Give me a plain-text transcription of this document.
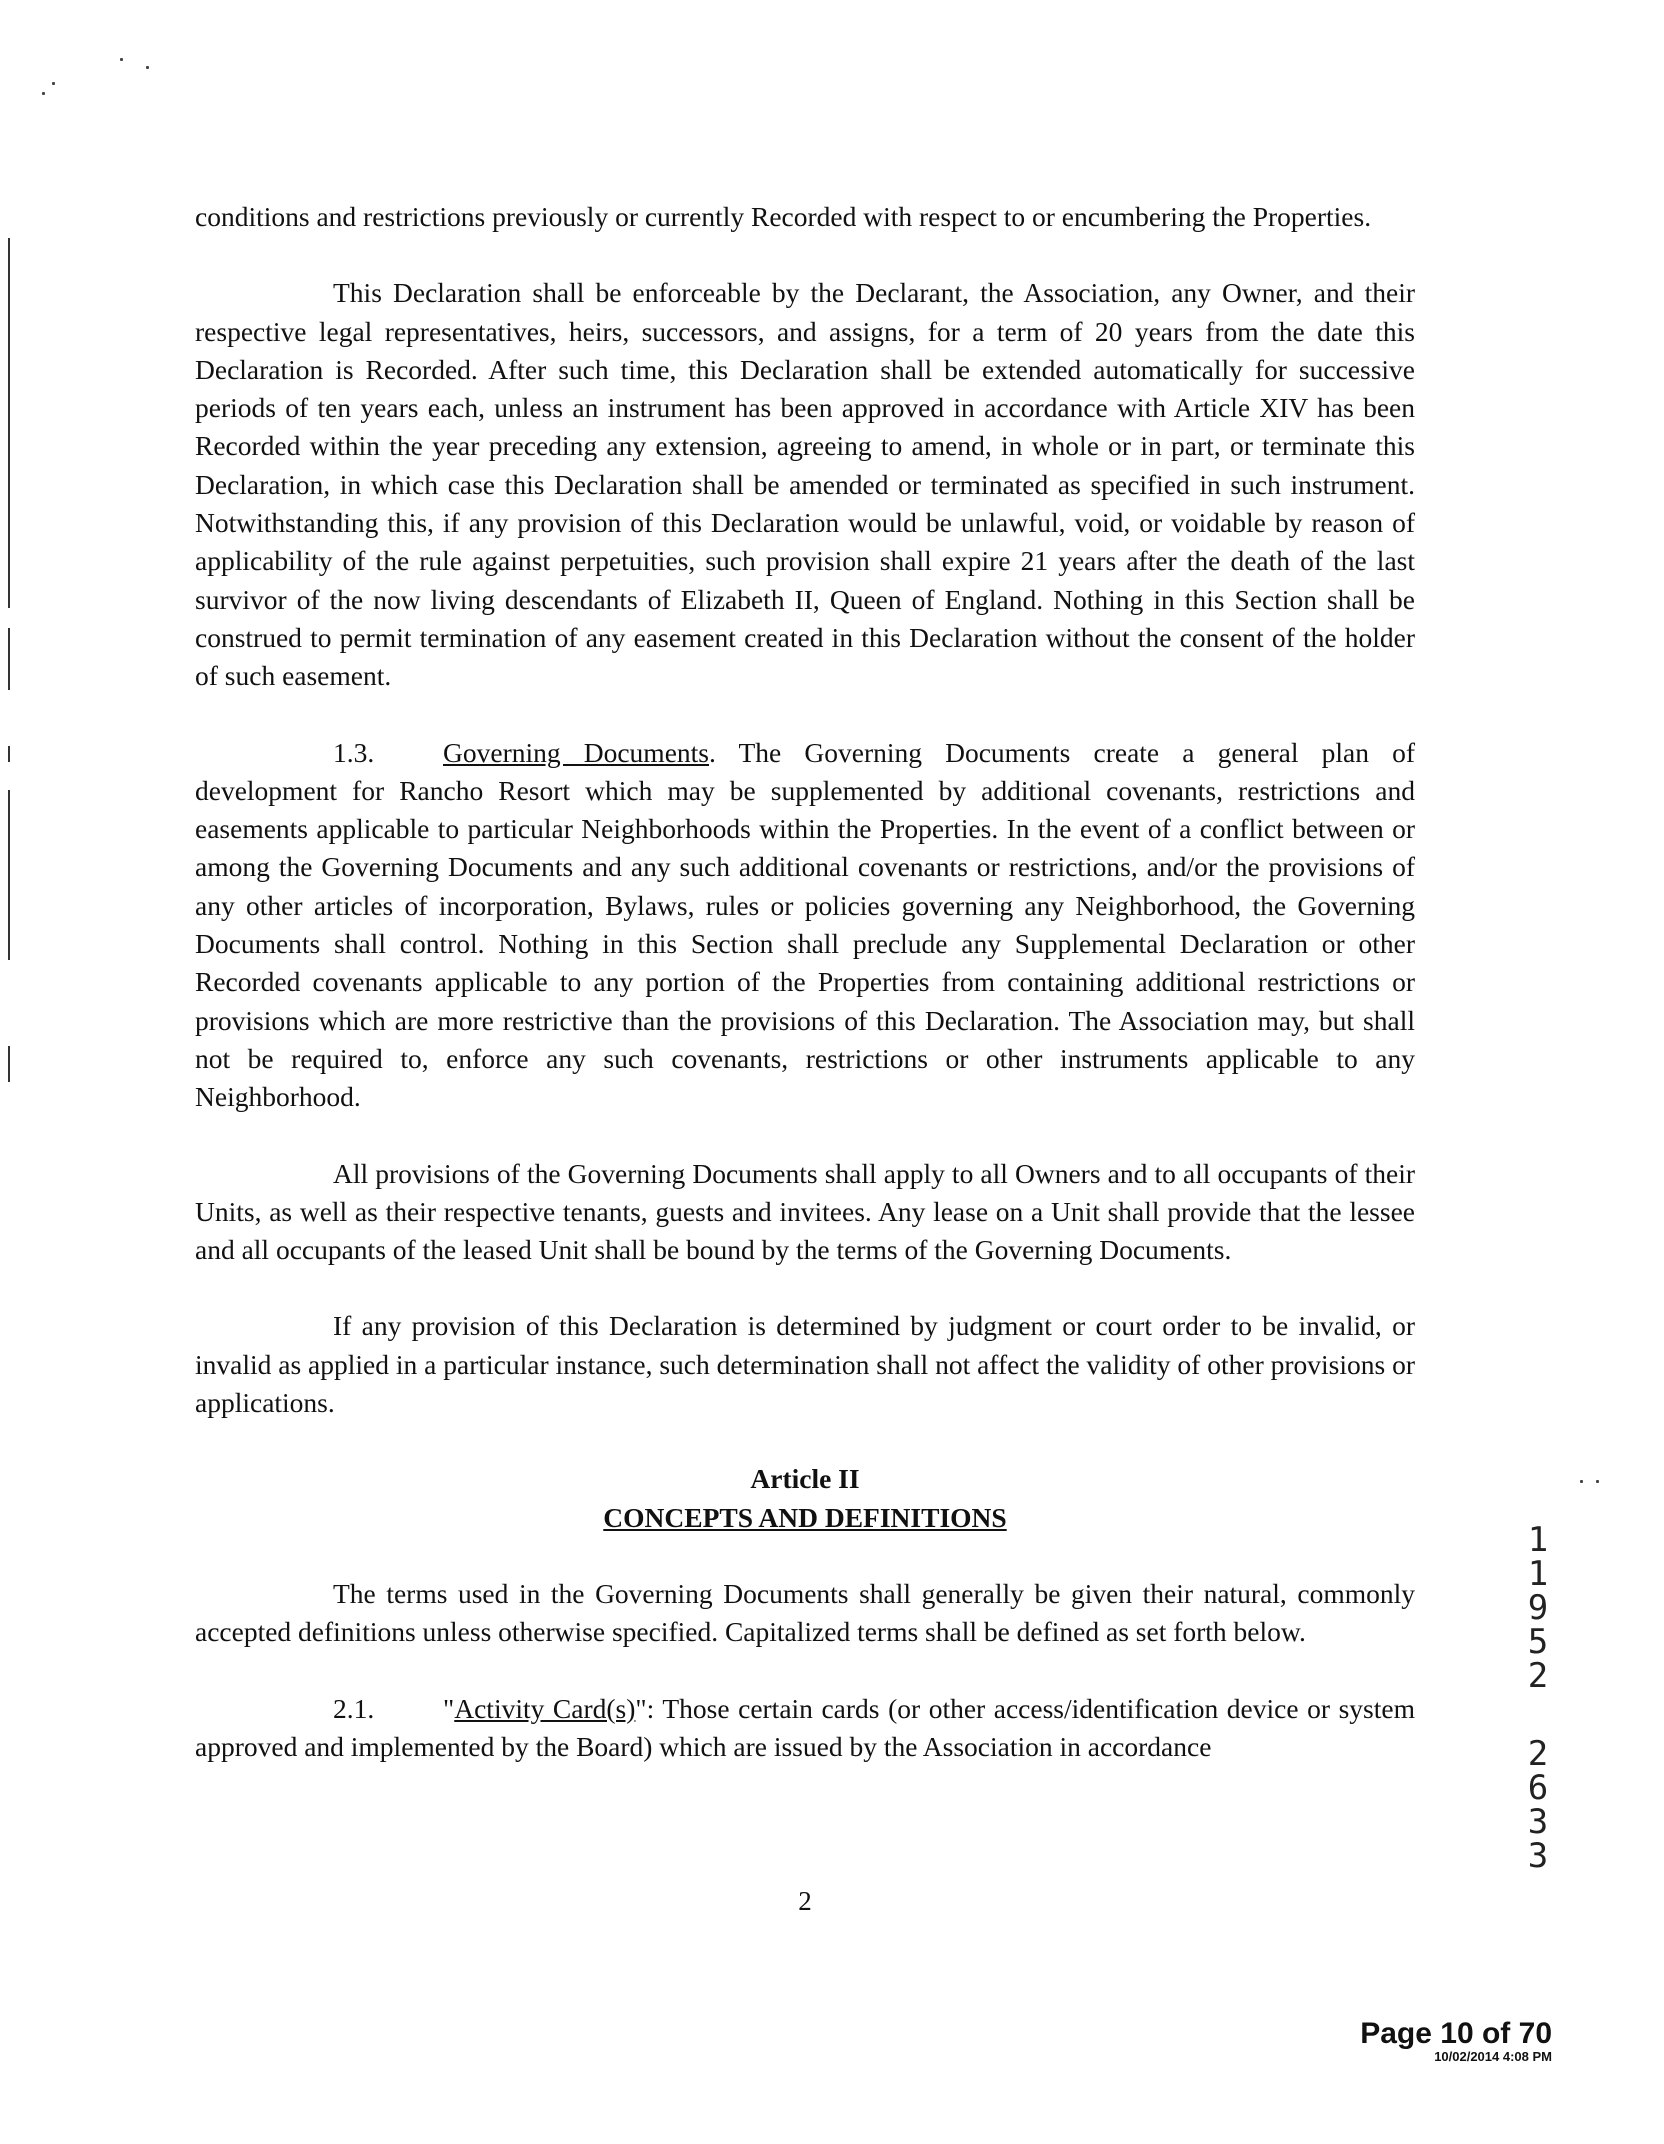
conditions and restrictions previously or currently Recorded with respect to or encumbering the Properties.

This Declaration shall be enforceable by the Declarant, the Association, any Owner, and their respective legal representatives, heirs, successors, and assigns, for a term of 20 years from the date this Declaration is Recorded. After such time, this Declaration shall be extended automatically for successive periods of ten years each, unless an instrument has been approved in accordance with Article XIV has been Recorded within the year preceding any extension, agreeing to amend, in whole or in part, or terminate this Declaration, in which case this Declaration shall be amended or terminated as specified in such instrument. Notwithstanding this, if any provision of this Declaration would be unlawful, void, or voidable by reason of applicability of the rule against perpetuities, such provision shall expire 21 years after the death of the last survivor of the now living descendants of Elizabeth II, Queen of England. Nothing in this Section shall be construed to permit termination of any easement created in this Declaration without the consent of the holder of such easement.

1.3.	Governing Documents. The Governing Documents create a general plan of development for Rancho Resort which may be supplemented by additional covenants, restrictions and easements applicable to particular Neighborhoods within the Properties. In the event of a conflict between or among the Governing Documents and any such additional covenants or restrictions, and/or the provisions of any other articles of incorporation, Bylaws, rules or policies governing any Neighborhood, the Governing Documents shall control. Nothing in this Section shall preclude any Supplemental Declaration or other Recorded covenants applicable to any portion of the Properties from containing additional restrictions or provisions which are more restrictive than the provisions of this Declaration. The Association may, but shall not be required to, enforce any such covenants, restrictions or other instruments applicable to any Neighborhood.

All provisions of the Governing Documents shall apply to all Owners and to all occupants of their Units, as well as their respective tenants, guests and invitees. Any lease on a Unit shall provide that the lessee and all occupants of the leased Unit shall be bound by the terms of the Governing Documents.

If any provision of this Declaration is determined by judgment or court order to be invalid, or invalid as applied in a particular instance, such determination shall not affect the validity of other provisions or applications.

Article II
CONCEPTS AND DEFINITIONS

The terms used in the Governing Documents shall generally be given their natural, commonly accepted definitions unless otherwise specified. Capitalized terms shall be defined as set forth below.

2.1.	"Activity Card(s)": Those certain cards (or other access/identification device or system approved and implemented by the Board) which are issued by the Association in accordance

2
1
1
9
5
2
2
6
3
3
Page 10 of 70
10/02/2014 4:08 PM
